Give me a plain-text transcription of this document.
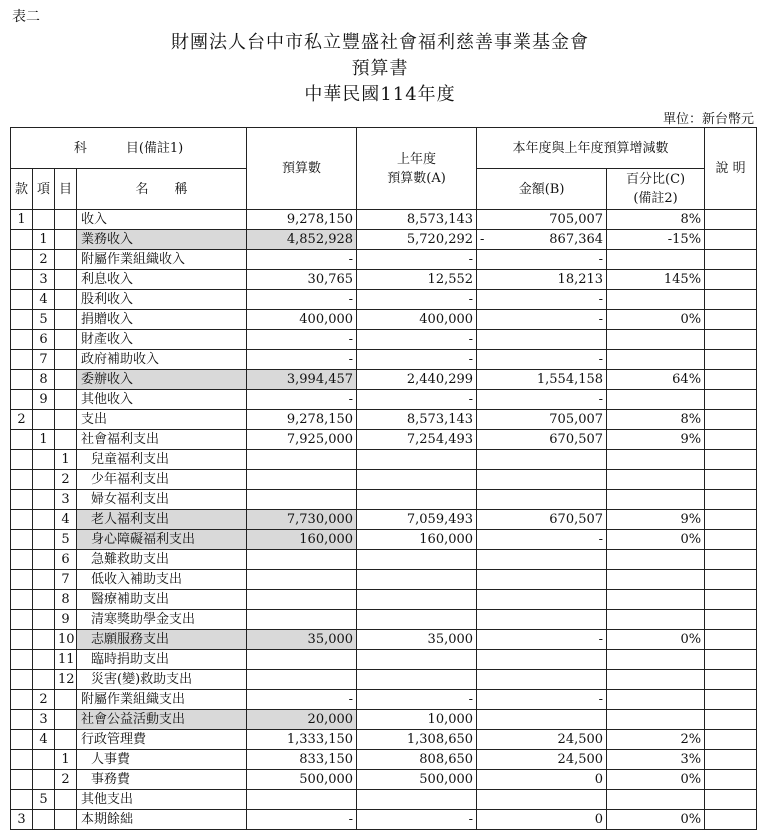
表二
財團法人台中市私立豐盛社會福利慈善事業基金會
預算書
中華民國114年度
單位：新台幣元
科　　　目(備註1)				預算數	上年度
預算數(A)	本年度與上年度預算增減數		說 明
款	項	目	名　　稱			金額(B)	百分比(C)
(備註2)	
1			收入	9,278,150	8,573,143	705,007	8%	
	1		業務收入	4,852,928	5,720,292	- 867,364	-15%	
	2		附屬作業組織收入	-	-	-		
	3		利息收入	30,765	12,552	18,213	145%	
	4		股利收入	-	-	-		
	5		捐贈收入	400,000	400,000	-	0%	
	6		財產收入	-	-			
	7		政府補助收入	-	-	-		
	8		委辦收入	3,994,457	2,440,299	1,554,158	64%	
	9		其他收入	-	-	-		
2			支出	9,278,150	8,573,143	705,007	8%	
	1		社會福利支出	7,925,000	7,254,493	670,507	9%	
		1	兒童福利支出					
		2	少年福利支出					
		3	婦女福利支出					
		4	老人福利支出	7,730,000	7,059,493	670,507	9%	
		5	身心障礙福利支出	160,000	160,000	-	0%	
		6	急難救助支出					
		7	低收入補助支出					
		8	醫療補助支出					
		9	清寒獎助學金支出					
		10	志願服務支出	35,000	35,000	-	0%	
		11	臨時捐助支出					
		12	災害(變)救助支出					
	2		附屬作業組織支出	-	-	-		
	3		社會公益活動支出	20,000	10,000			
	4		行政管理費	1,333,150	1,308,650	24,500	2%	
		1	人事費	833,150	808,650	24,500	3%	
		2	事務費	500,000	500,000	0	0%	
	5		其他支出					
3			本期餘絀	-	-	0	0%	
